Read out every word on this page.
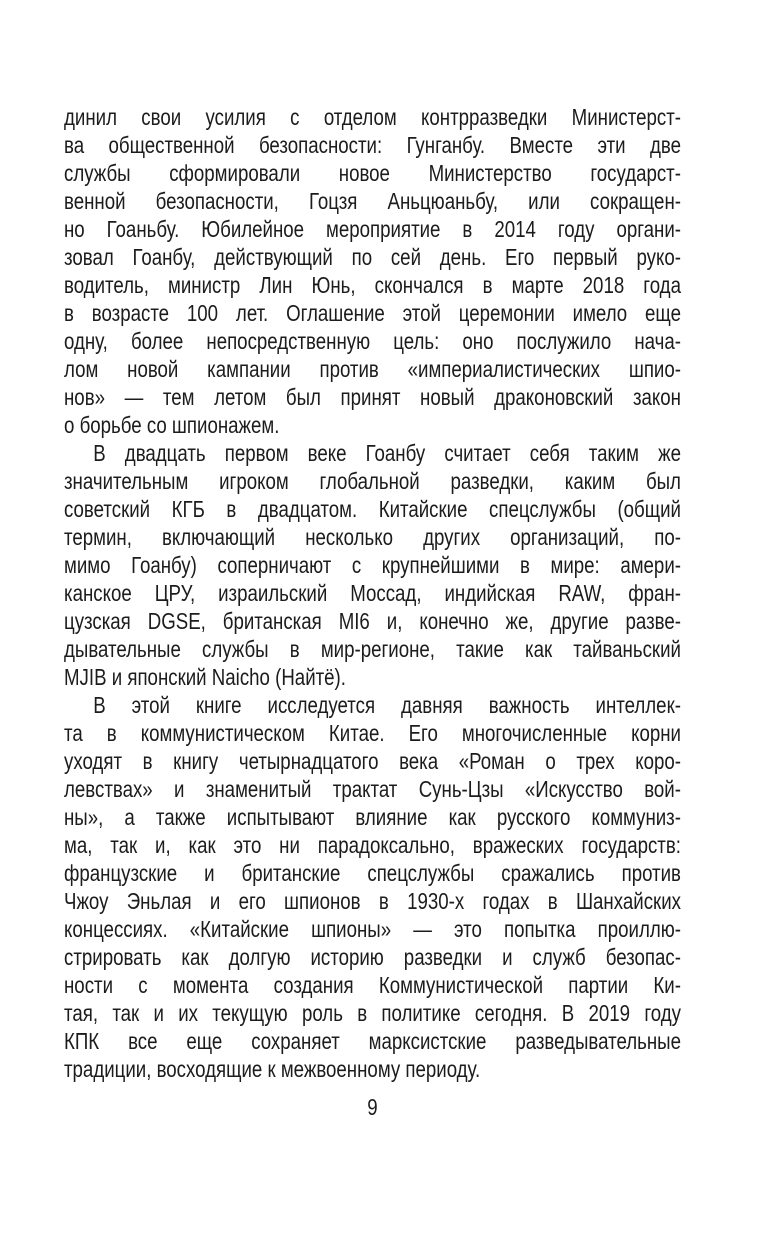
динил свои усилия с отделом контрразведки Министерст-
ва общественной безопасности: Гунганбу. Вместе эти две
службы сформировали новое Министерство государст-
венной безопасности, Гоцзя Аньцюаньбу, или сокращен-
но Гоаньбу. Юбилейное мероприятие в 2014 году органи-
зовал Гоанбу, действующий по сей день. Его первый руко-
водитель, министр Лин Юнь, скончался в марте 2018 года
в возрасте 100 лет. Оглашение этой церемонии имело еще
одну, более непосредственную цель: оно послужило нача-
лом новой кампании против «империалистических шпио-
нов» — тем летом был принят новый драконовский закон
о борьбе со шпионажем.
В двадцать первом веке Гоанбу считает себя таким же
значительным игроком глобальной разведки, каким был
советский КГБ в двадцатом. Китайские спецслужбы (общий
термин, включающий несколько других организаций, по-
мимо Гоанбу) соперничают с крупнейшими в мире: амери-
канское ЦРУ, израильский Моссад, индийская RAW, фран-
цузская DGSE, британская MI6 и, конечно же, другие разве-
дывательные службы в мир-регионе, такие как тайваньский
MJIB и японский Naicho (Найтё).
В этой книге исследуется давняя важность интеллек-
та в коммунистическом Китае. Его многочисленные корни
уходят в книгу четырнадцатого века «Роман о трех коро-
левствах» и знаменитый трактат Сунь-Цзы «Искусство вой-
ны», а также испытывают влияние как русского коммуниз-
ма, так и, как это ни парадоксально, вражеских государств:
французские и британские спецслужбы сражались против
Чжоу Эньлая и его шпионов в 1930-х годах в Шанхайских
концессиях. «Китайские шпионы» — это попытка проиллю-
стрировать как долгую историю разведки и служб безопас-
ности с момента создания Коммунистической партии Ки-
тая, так и их текущую роль в политике сегодня. В 2019 году
КПК все еще сохраняет марксистские разведывательные
традиции, восходящие к межвоенному периоду.
9
